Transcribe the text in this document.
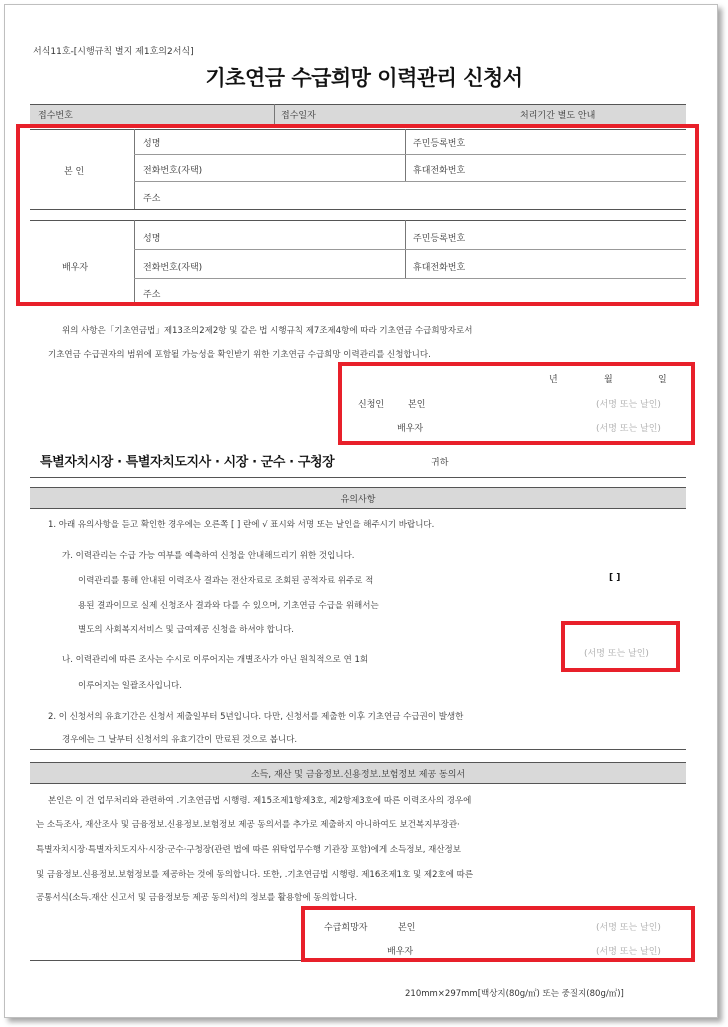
서식11호-[시행규칙 별지 제1호의2서식]
기초연금 수급희망 이력관리 신청서
접수번호	접수일자	처리기간 별도 안내
본 인
성명	주민등록번호
전화번호(자택)	휴대전화번호
주소
배우자
성명	주민등록번호
전화번호(자택)	휴대전화번호
주소
위의 사항은「기초연금법」제13조의2제2항 및 같은 법 시행규칙 제7조제4항에 따라 기초연금 수급희망자로서
기초연금 수급권자의 범위에 포함될 가능성을 확인받기 위한 기초연금 수급희망 이력관리를 신청합니다.
년	월	일
신청인	본인	(서명 또는 날인)
배우자	(서명 또는 날인)
특별자치시장 · 특별자치도지사 · 시장 · 군수 · 구청장	귀하
유의사항
1. 아래 유의사항을 듣고 확인한 경우에는 오른쪽 [ ] 란에 √ 표시와 서명 또는 날인을 해주시기 바랍니다.
가. 이력관리는 수급 가능 여부를 예측하여 신청을 안내해드리기 위한 것입니다.
이력관리를 통해 안내된 이력조사 결과는 전산자료로 조회된 공적자료 위주로 적
용된 결과이므로 실제 신청조사 결과와 다를 수 있으며, 기초연금 수급을 위해서는
별도의 사회복지서비스 및 급여제공 신청을 하셔야 합니다.
나. 이력관리에 따른 조사는 수시로 이루어지는 개별조사가 아닌 원칙적으로 연 1회
이루어지는 일괄조사입니다.
[ ]
(서명 또는 날인)
2. 이 신청서의 유효기간은 신청서 제출일부터 5년입니다. 다만, 신청서를 제출한 이후 기초연금 수급권이 발생한
경우에는 그 날부터 신청서의 유효기간이 만료된 것으로 봅니다.
소득, 재산 및 금융정보.신용정보.보험정보 제공 동의서
본인은 이 건 업무처리와 관련하여 .기초연금법 시행령. 제15조제1항제3호, 제2항제3호에 따른 이력조사의 경우에
는 소득조사, 재산조사 및 금융정보.신용정보.보험정보 제공 동의서를 추가로 제출하지 아니하여도 보건복지부장관·
특별자치시장·특별자치도지사·시장·군수·구청장(관련 법에 따른 위탁업무수행 기관장 포함)에게 소득정보, 재산정보
및 금융정보.신용정보.보험정보를 제공하는 것에 동의합니다. 또한, .기초연금법 시행령. 제16조제1호 및 제2호에 따른
공통서식(소득.재산 신고서 및 금융정보등 제공 동의서)의 정보를 활용함에 동의합니다.
수급희망자	본인	(서명 또는 날인)
배우자	(서명 또는 날인)
210mm×297mm[백상지(80g/㎡) 또는 중질지(80g/㎡)]
